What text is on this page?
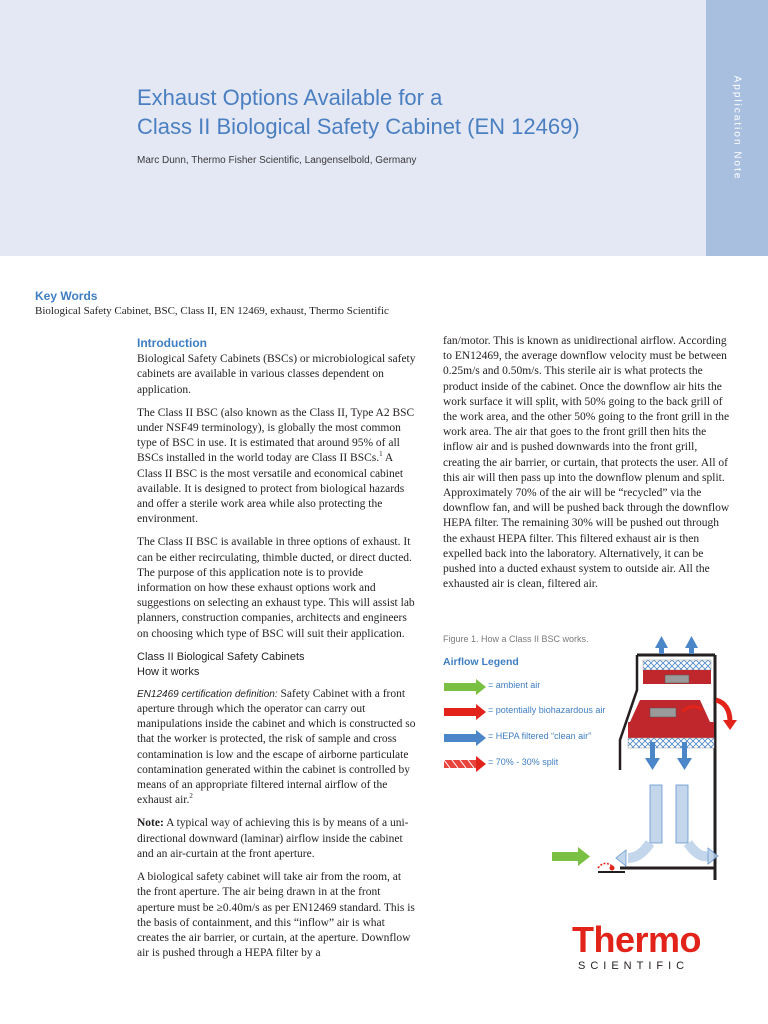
Application Note
Exhaust Options Available for a
Class II Biological Safety Cabinet (EN 12469)
Marc Dunn, Thermo Fisher Scientific, Langenselbold, Germany
Key Words
Biological Safety Cabinet, BSC, Class II, EN 12469, exhaust, Thermo Scientific
Introduction

Biological Safety Cabinets (BSCs) or microbiological safety cabinets are available in various classes dependent on application.

The Class II BSC (also known as the Class II, Type A2 BSC under NSF49 terminology), is globally the most common type of BSC in use. It is estimated that around 95% of all BSCs installed in the world today are Class II BSCs.$^1$ A Class II BSC is the most versatile and economical cabinet available. It is designed to protect from biological hazards and offer a sterile work area while also protecting the environment.

The Class II BSC is available in three options of exhaust. It can be either recirculating, thimble ducted, or direct ducted. The purpose of this application note is to provide information on how these exhaust options work and suggestions on selecting an exhaust type. This will assist lab planners, construction companies, architects and engineers on choosing which type of BSC will suit their application.

Class II Biological Safety Cabinets
How it works

EN12469 certification definition: Safety Cabinet with a front aperture through which the operator can carry out manipulations inside the cabinet and which is constructed so that the worker is protected, the risk of sample and cross contamination is low and the escape of airborne particulate contamination generated within the cabinet is controlled by means of an appropriate filtered internal airflow of the exhaust air.$^2$

Note: A typical way of achieving this is by means of a uni-directional downward (laminar) airflow inside the cabinet and an air-curtain at the front aperture.

A biological safety cabinet will take air from the room, at the front aperture. The air being drawn in at the front aperture must be ≥0.40m/s as per EN12469 standard. This is the basis of containment, and this “inflow” air is what creates the air barrier, or curtain, at the aperture. Downflow air is pushed through a HEPA filter by a

fan/motor. This is known as unidirectional airflow. According to EN12469, the average downflow velocity must be between 0.25m/s and 0.50m/s. This sterile air is what protects the product inside of the cabinet. Once the downflow air hits the work surface it will split, with 50% going to the back grill of the work area, and the other 50% going to the front grill in the work area. The air that goes to the front grill then hits the inflow air and is pushed downwards into the front grill, creating the air barrier, or curtain, that protects the user. All of this air will then pass up into the downflow plenum and split. Approximately 70% of the air will be “recycled” via the downflow fan, and will be pushed back through the downflow HEPA filter. The remaining 30% will be pushed out through the exhaust HEPA filter. This filtered exhaust air is then expelled back into the laboratory. Alternatively, it can be pushed into a ducted exhaust system to outside air. All the exhausted air is clean, filtered air.

Figure 1. How a Class II BSC works.
Airflow Legend
= ambient air
= potentially biohazardous air
= HEPA filtered “clean air”
= 70% - 30% split
Thermo
SCIENTIFIC
